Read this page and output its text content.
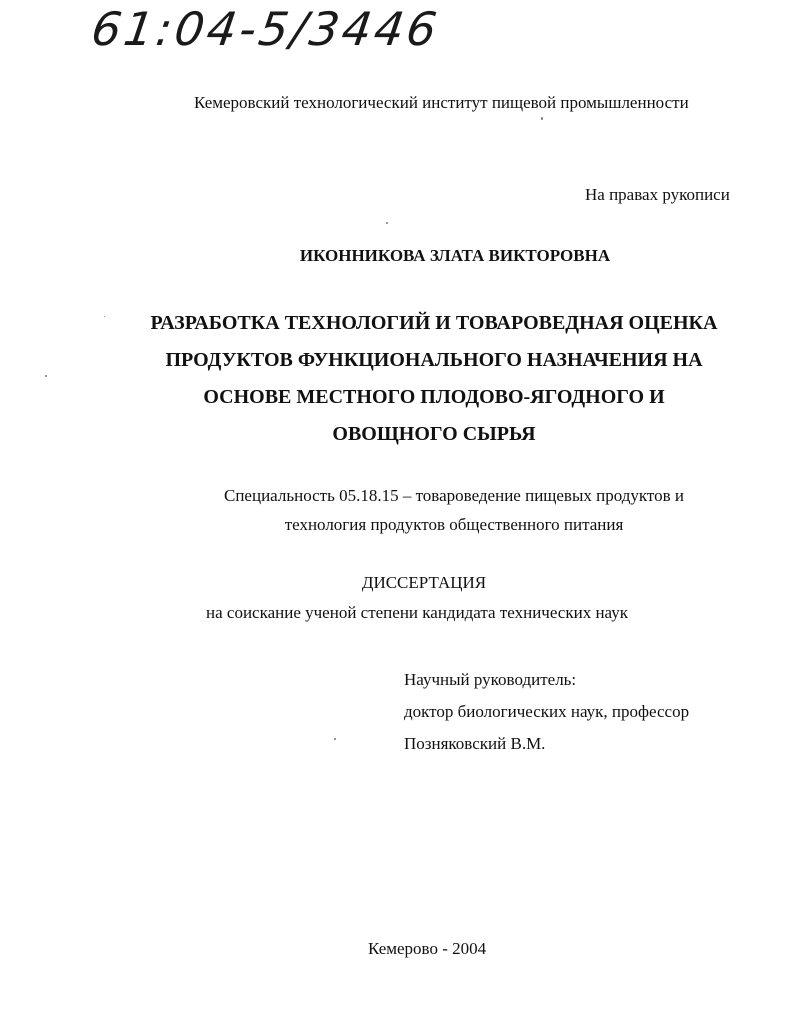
61:04-5/3446
Кемеровский технологический институт пищевой промышленности
На правах рукописи
ИКОННИКОВА ЗЛАТА ВИКТОРОВНА
РАЗРАБОТКА ТЕХНОЛОГИЙ И ТОВАРОВЕДНАЯ ОЦЕНКА
ПРОДУКТОВ ФУНКЦИОНАЛЬНОГО НАЗНАЧЕНИЯ НА
ОСНОВЕ МЕСТНОГО ПЛОДОВО-ЯГОДНОГО И
ОВОЩНОГО СЫРЬЯ
Специальность 05.18.15 – товароведение пищевых продуктов и
технология продуктов общественного питания
ДИССЕРТАЦИЯ
на соискание ученой степени кандидата технических наук
Научный руководитель:
доктор биологических наук, профессор
Позняковский В.М.
Кемерово - 2004
